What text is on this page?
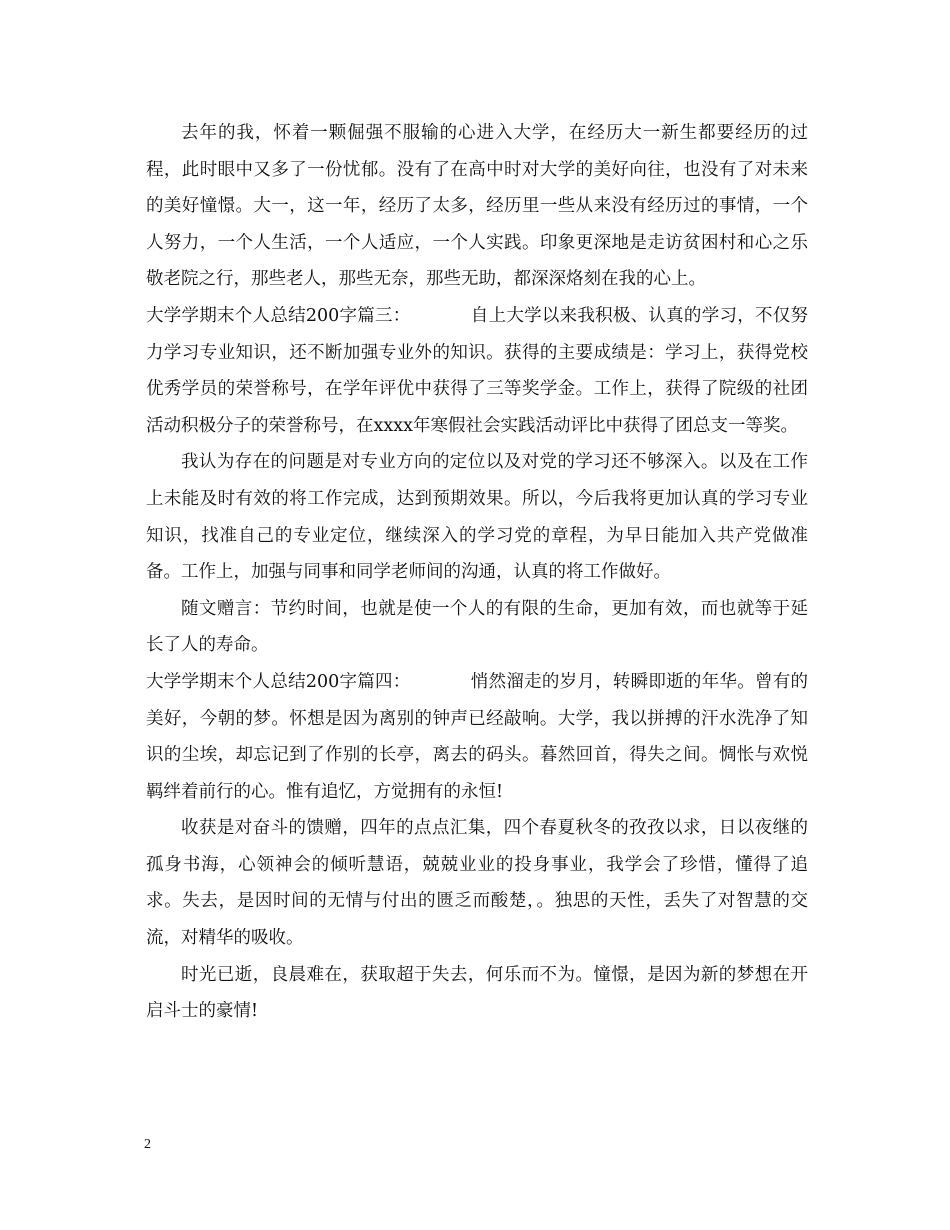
去年的我，怀着一颗倔强不服输的心进入大学，在经历大一新生都要经历的过程，此时眼中又多了一份忧郁。没有了在高中时对大学的美好向往，也没有了对未来的美好憧憬。大一，这一年，经历了太多，经历里一些从来没有经历过的事情，一个人努力，一个人生活，一个人适应，一个人实践。印象更深地是走访贫困村和心之乐敬老院之行，那些老人，那些无奈，那些无助，都深深烙刻在我的心上。

大学学期末个人总结200字篇三：	自上大学以来我积极、认真的学习，不仅努力学习专业知识，还不断加强专业外的知识。获得的主要成绩是：学习上，获得党校优秀学员的荣誉称号，在学年评优中获得了三等奖学金。工作上，获得了院级的社团活动积极分子的荣誉称号，在xxxx年寒假社会实践活动评比中获得了团总支一等奖。

我认为存在的问题是对专业方向的定位以及对党的学习还不够深入。以及在工作上未能及时有效的将工作完成，达到预期效果。所以，今后我将更加认真的学习专业知识，找准自己的专业定位，继续深入的学习党的章程，为早日能加入共产党做准备。工作上，加强与同事和同学老师间的沟通，认真的将工作做好。

随文赠言：节约时间，也就是使一个人的有限的生命，更加有效，而也就等于延长了人的寿命。

大学学期末个人总结200字篇四：	悄然溜走的岁月，转瞬即逝的年华。曾有的美好，今朝的梦。怀想是因为离别的钟声已经敲响。大学，我以拼搏的汗水洗净了知识的尘埃，却忘记到了作别的长亭，离去的码头。暮然回首，得失之间。惆怅与欢悦羁绊着前行的心。惟有追忆，方觉拥有的永恒!

收获是对奋斗的馈赠，四年的点点汇集，四个春夏秋冬的孜孜以求，日以夜继的孤身书海，心领神会的倾听慧语，兢兢业业的投身事业，我学会了珍惜，懂得了追求。失去，是因时间的无情与付出的匮乏而酸楚，。独思的天性，丢失了对智慧的交流，对精华的吸收。

时光已逝，良晨难在，获取超于失去，何乐而不为。憧憬，是因为新的梦想在开启斗士的豪情!

2
